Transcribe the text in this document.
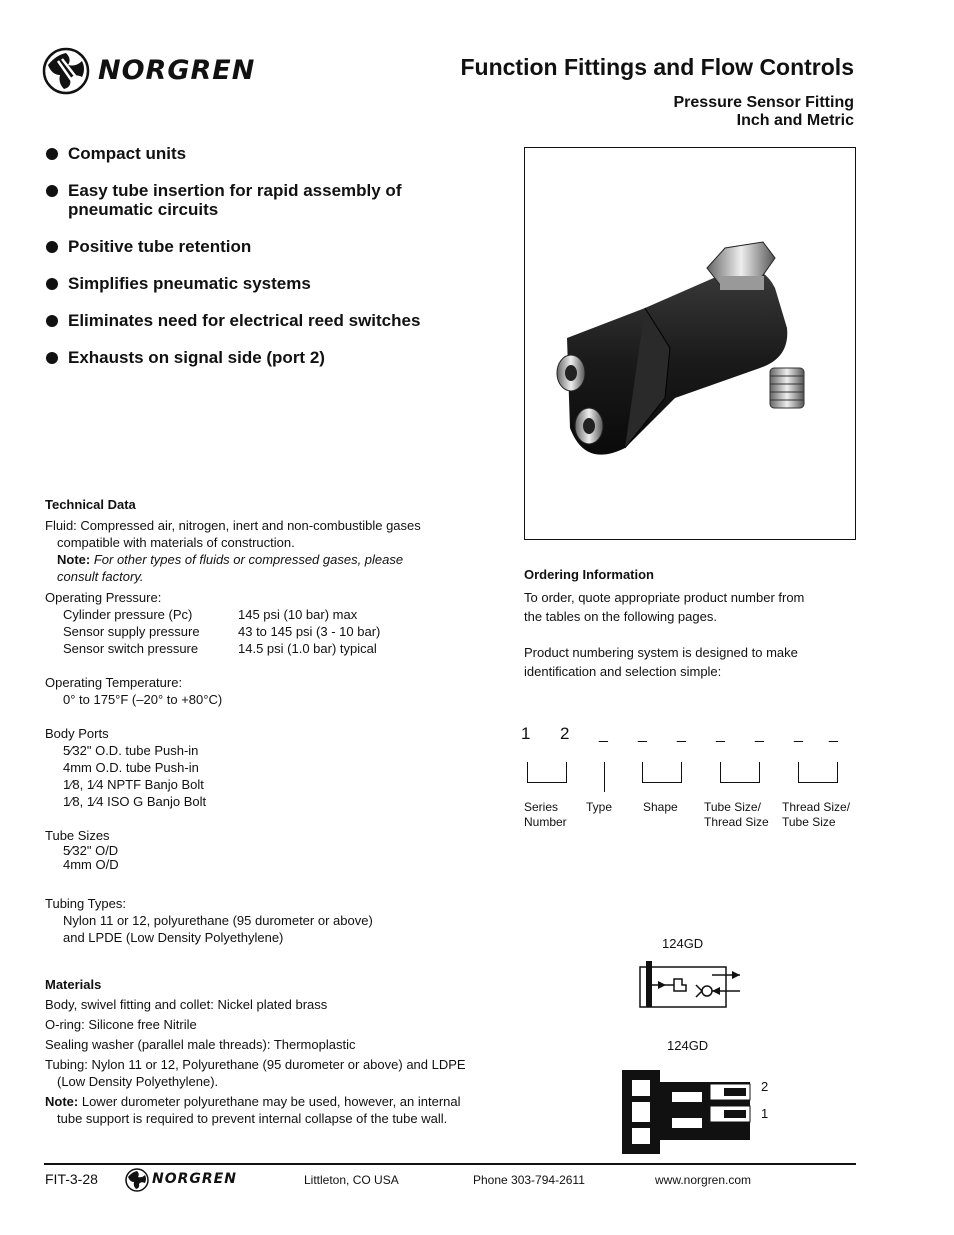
NORGREN	Function Fittings and Flow Controls
Pressure Sensor Fitting
Inch and Metric
Compact units
Easy tube insertion for rapid assembly of pneumatic circuits
Positive tube retention
Simplifies pneumatic systems
Eliminates need for electrical reed switches
Exhausts on signal side (port 2)
Technical Data
Fluid: Compressed air, nitrogen, inert and non-combustible gases
compatible with materials of construction.
Note: For other types of fluids or compressed gases, please
consult factory.
Operating Pressure:
Cylinder pressure (Pc)	145 psi (10 bar) max
Sensor supply pressure	43 to 145 psi (3 - 10 bar)
Sensor switch pressure	14.5 psi (1.0 bar) typical
Operating Temperature:
0° to 175°F (–20° to +80°C)
Body Ports
5⁄32" O.D. tube Push-in
4mm O.D. tube Push-in
1⁄8, 1⁄4 NPTF Banjo Bolt
1⁄8, 1⁄4 ISO G Banjo Bolt
Tube Sizes
5⁄32" O/D
4mm O/D
Tubing Types:
Nylon 11 or 12, polyurethane (95 durometer or above)
and LPDE (Low Density Polyethylene)
Materials
Body, swivel fitting and collet: Nickel plated brass
O-ring: Silicone free Nitrile
Sealing washer (parallel male threads): Thermoplastic
Tubing: Nylon 11 or 12, Polyurethane (95 durometer or above) and LDPE
(Low Density Polyethylene).
Note: Lower durometer polyurethane may be used, however, an internal
tube support is required to prevent internal collapse of the tube wall.
Ordering Information
To order, quote appropriate product number from
the tables on the following pages.
Product numbering system is designed to make
identification and selection simple:
1 2 _ _ _ _ _ _ _
Series
Number
Type	Shape Tube Size/
Thread Size
Thread Size/
Tube Size
124GD
124GD
2
1
FIT-3-28	NORGREN	Littleton, CO USA	Phone 303-794-2611	www.norgren.com
